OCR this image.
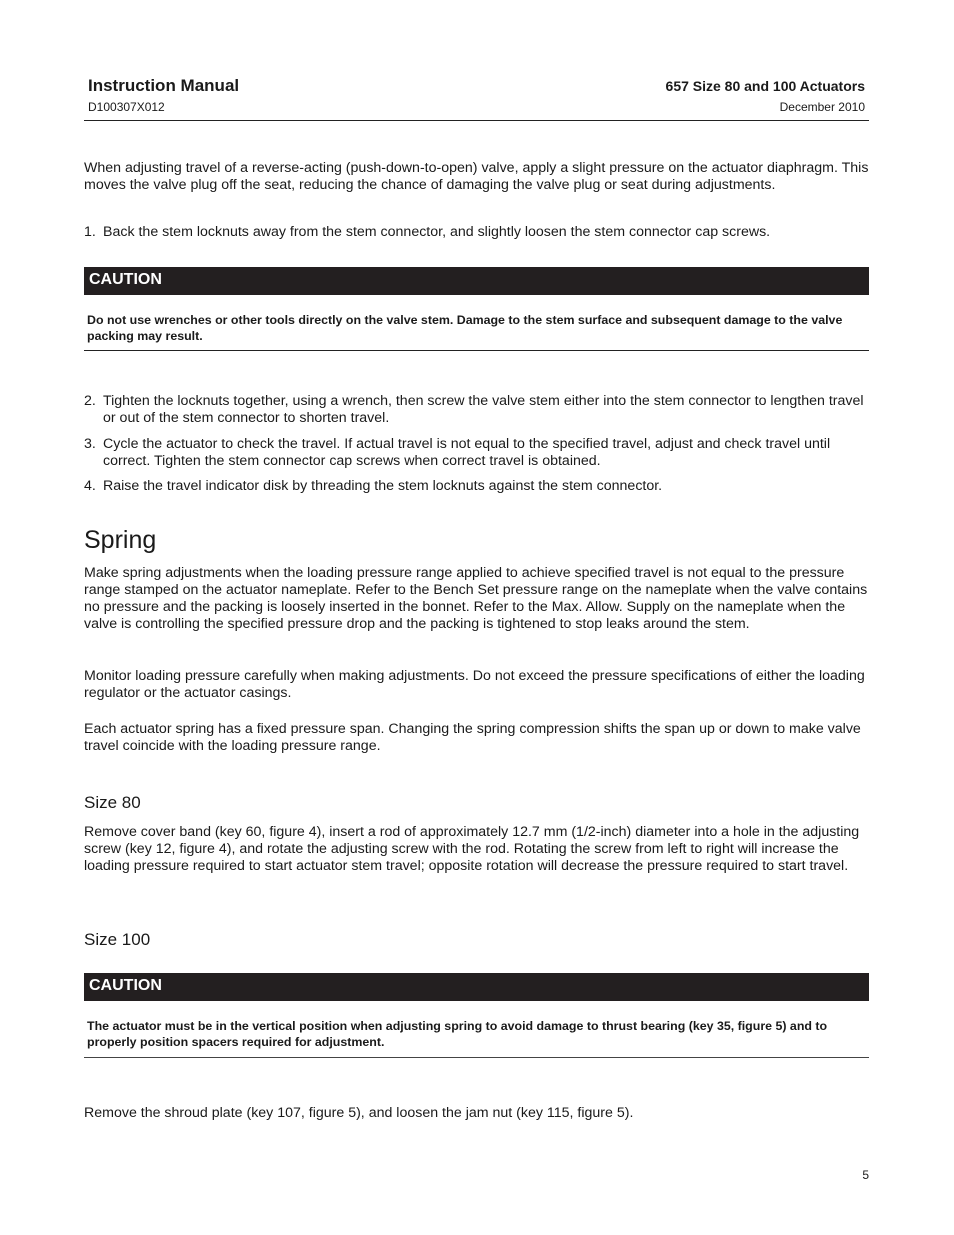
Instruction Manual
D100307X012
657 Size 80 and 100 Actuators
December 2010
When adjusting travel of a reverse-acting (push-down-to-open) valve, apply a slight pressure on the actuator diaphragm. This moves the valve plug off the seat, reducing the chance of damaging the valve plug or seat during adjustments.
1. Back the stem locknuts away from the stem connector, and slightly loosen the stem connector cap screws.
CAUTION
Do not use wrenches or other tools directly on the valve stem. Damage to the stem surface and subsequent damage to the valve packing may result.
2. Tighten the locknuts together, using a wrench, then screw the valve stem either into the stem connector to lengthen travel or out of the stem connector to shorten travel.
3. Cycle the actuator to check the travel. If actual travel is not equal to the specified travel, adjust and check travel until correct. Tighten the stem connector cap screws when correct travel is obtained.
4. Raise the travel indicator disk by threading the stem locknuts against the stem connector.
Spring
Make spring adjustments when the loading pressure range applied to achieve specified travel is not equal to the pressure range stamped on the actuator nameplate. Refer to the Bench Set pressure range on the nameplate when the valve contains no pressure and the packing is loosely inserted in the bonnet. Refer to the Max. Allow. Supply on the nameplate when the valve is controlling the specified pressure drop and the packing is tightened to stop leaks around the stem.
Monitor loading pressure carefully when making adjustments. Do not exceed the pressure specifications of either the loading regulator or the actuator casings.
Each actuator spring has a fixed pressure span. Changing the spring compression shifts the span up or down to make valve travel coincide with the loading pressure range.
Size 80
Remove cover band (key 60, figure 4), insert a rod of approximately 12.7 mm (1/2-inch) diameter into a hole in the adjusting screw (key 12, figure 4), and rotate the adjusting screw with the rod. Rotating the screw from left to right will increase the loading pressure required to start actuator stem travel; opposite rotation will decrease the pressure required to start travel.
Size 100
CAUTION
The actuator must be in the vertical position when adjusting spring to avoid damage to thrust bearing (key 35, figure 5) and to properly position spacers required for adjustment.
Remove the shroud plate (key 107, figure 5), and loosen the jam nut (key 115, figure 5).
5
